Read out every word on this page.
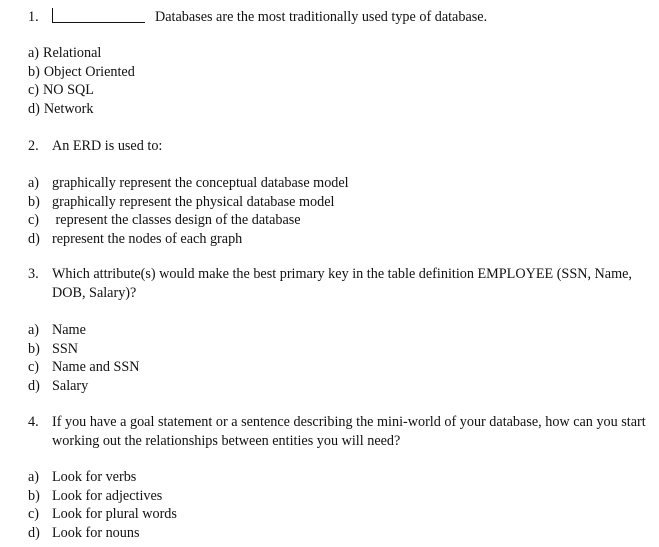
1.	Databases are the most traditionally used type of database.
a) Relational
b) Object Oriented
c) NO SQL
d) Network
2. An ERD is used to:
a) graphically represent the conceptual database model
b) graphically represent the physical database model
c) represent the classes design of the database
d) represent the nodes of each graph
3. Which attribute(s) would make the best primary key in the table definition EMPLOYEE (SSN, Name, DOB, Salary)?
a) Name
b) SSN
c) Name and SSN
d) Salary
4. If you have a goal statement or a sentence describing the mini-world of your database, how can you start working out the relationships between entities you will need?
a) Look for verbs
b) Look for adjectives
c) Look for plural words
d) Look for nouns
